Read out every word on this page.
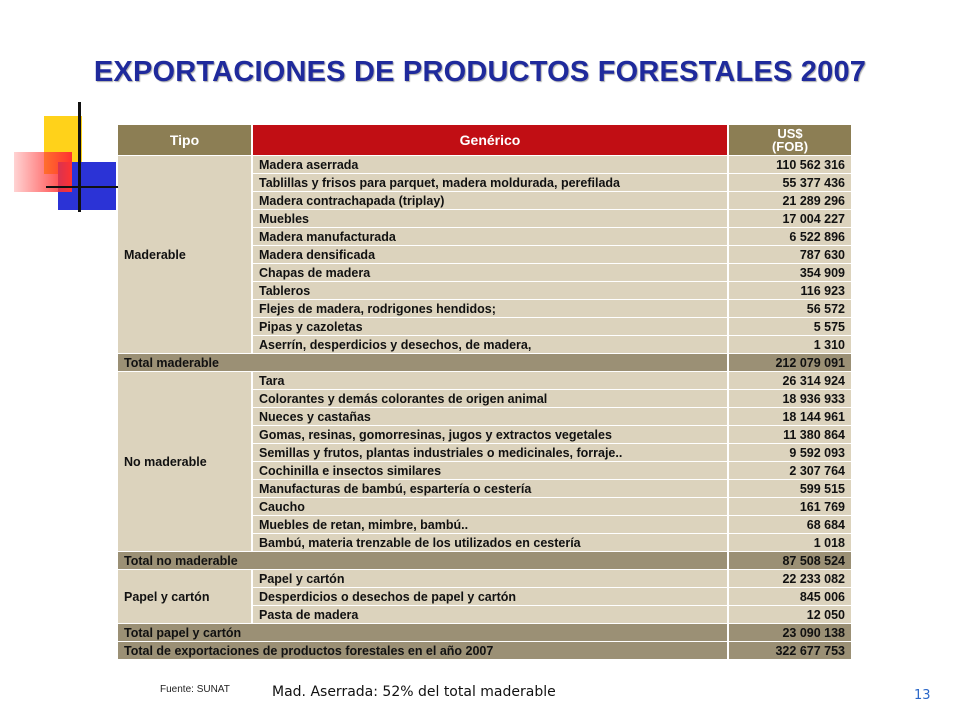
EXPORTACIONES DE PRODUCTOS FORESTALES 2007
Tipo	Genérico	US$
(FOB)
Maderable	Madera aserrada	110 562 316
	Tablillas y frisos para parquet, madera moldurada, perefilada	55 377 436
	Madera contrachapada (triplay)	21 289 296
	Muebles	17 004 227
	Madera manufacturada	6 522 896
	Madera densificada	787 630
	Chapas de madera	354 909
	Tableros	116 923
	Flejes de madera, rodrigones hendidos;	56 572
	Pipas y cazoletas	5 575
	Aserrín, desperdicios y desechos, de madera,	1 310
Total maderable		212 079 091
No maderable	Tara	26 314 924
	Colorantes y demás colorantes de origen animal	18 936 933
	Nueces y castañas	18 144 961
	Gomas, resinas, gomorresinas, jugos y extractos vegetales	11 380 864
	Semillas y frutos, plantas industriales o medicinales, forraje..	9 592 093
	Cochinilla e insectos similares	2 307 764
	Manufacturas de bambú, espartería o cestería	599 515
	Caucho	161 769
	Muebles de retan, mimbre, bambú..	68 684
	Bambú, materia trenzable de los utilizados en cestería	1 018
Total no maderable		87 508 524
Papel y cartón	Papel y cartón	22 233 082
	Desperdicios o desechos de papel y cartón	845 006
	Pasta de madera	12 050
Total papel y cartón		23 090 138
Total de exportaciones de productos forestales en el año 2007		322 677 753
Fuente: SUNAT	Mad. Aserrada: 52% del total maderable	13
